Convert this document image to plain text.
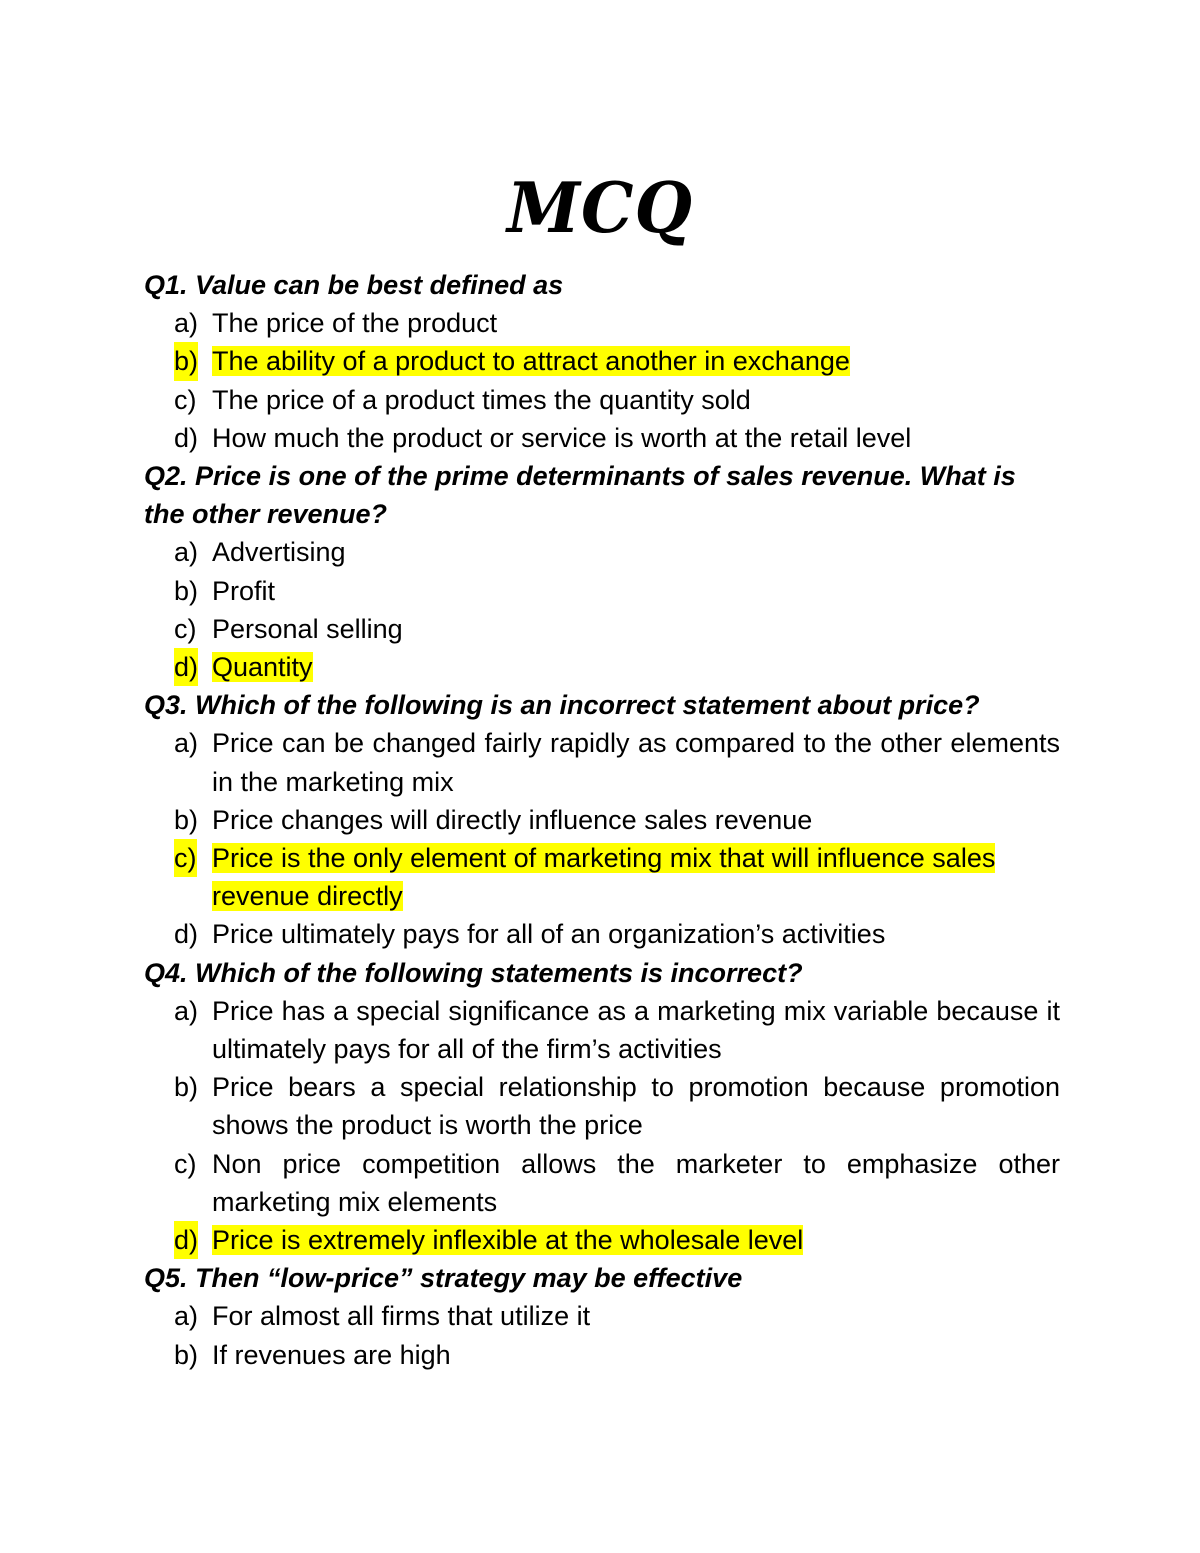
MCQ

Q1. Value can be best defined as

a) The price of the product
b) The ability of a product to attract another in exchange
c) The price of a product times the quantity sold
d) How much the product or service is worth at the retail level

Q2. Price is one of the prime determinants of sales revenue. What is the other revenue?

a) Advertising
b) Profit
c) Personal selling
d) Quantity

Q3. Which of the following is an incorrect statement about price?

a) Price can be changed fairly rapidly as compared to the other elements in the marketing mix
b) Price changes will directly influence sales revenue
c) Price is the only element of marketing mix that will influence sales revenue directly
d) Price ultimately pays for all of an organization’s activities

Q4. Which of the following statements is incorrect?

a) Price has a special significance as a marketing mix variable because it ultimately pays for all of the firm’s activities
b) Price bears a special relationship to promotion because promotion shows the product is worth the price
c) Non price competition allows the marketer to emphasize other marketing mix elements
d) Price is extremely inflexible at the wholesale level

Q5. Then “low-price” strategy may be effective

a) For almost all firms that utilize it
b) If revenues are high
